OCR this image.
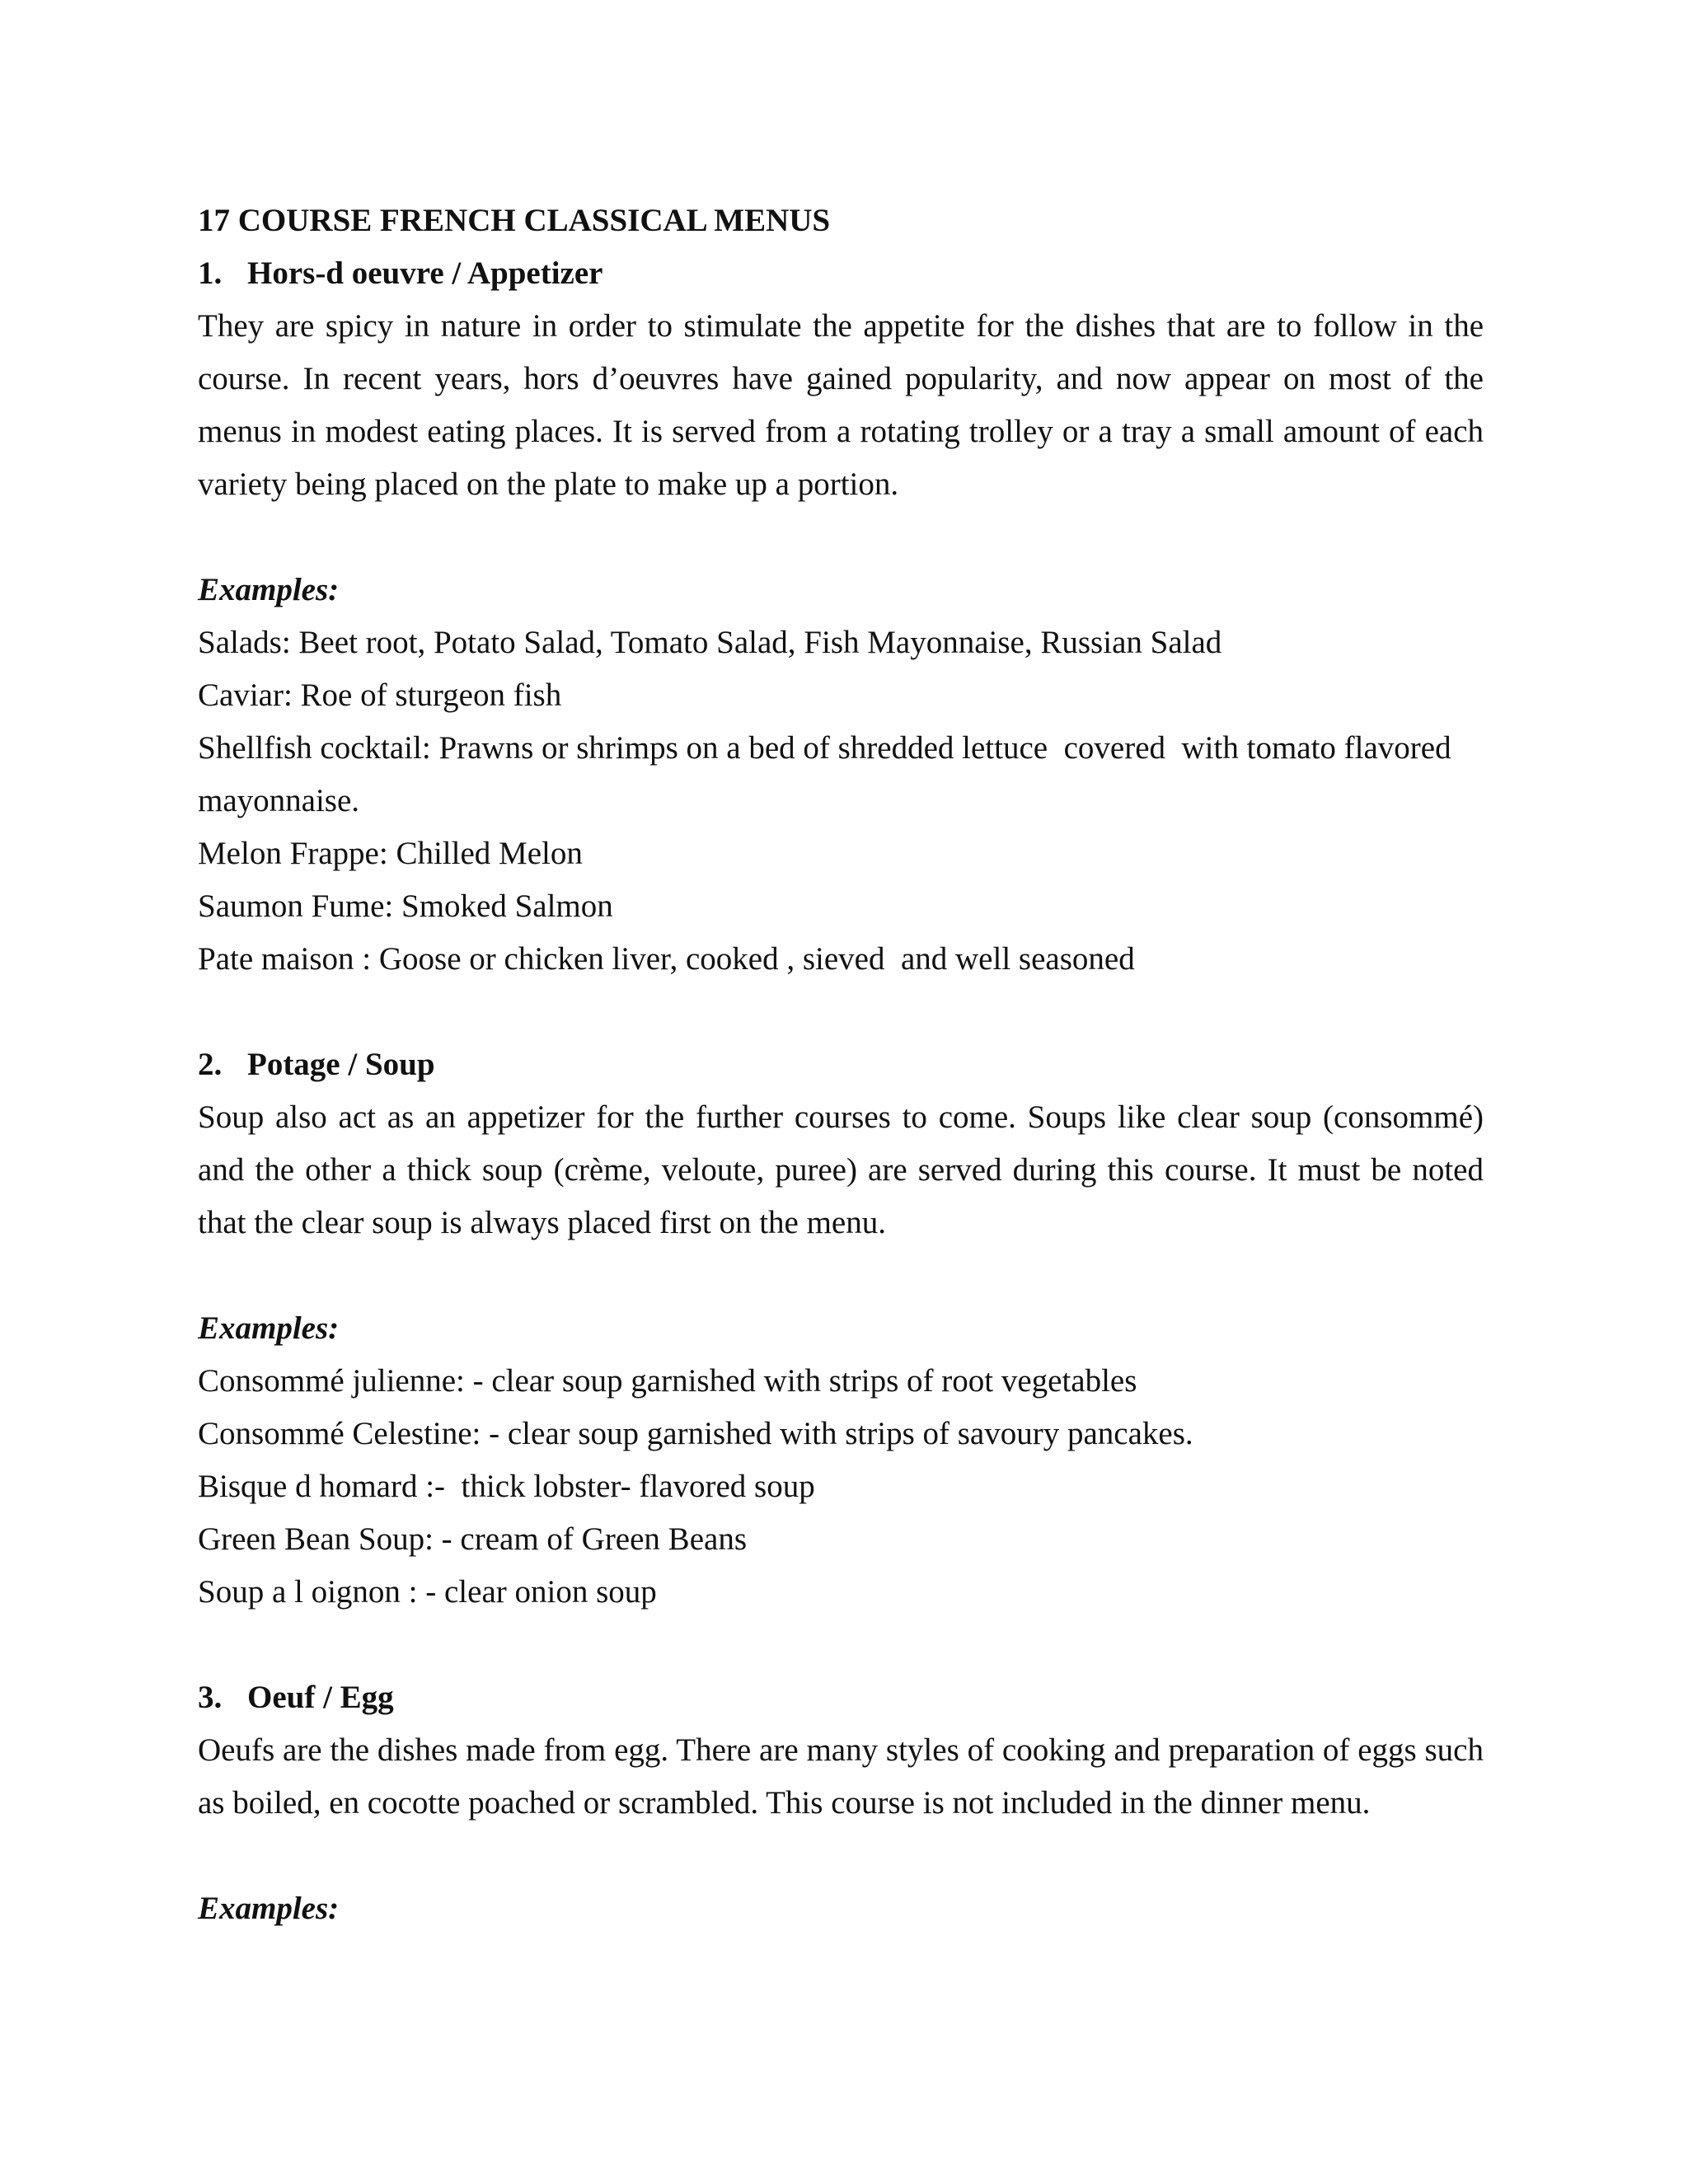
17 COURSE FRENCH CLASSICAL MENUS

1. Hors-d oeuvre / Appetizer

They are spicy in nature in order to stimulate the appetite for the dishes that are to follow in the course. In recent years, hors d’oeuvres have gained popularity, and now appear on most of the menus in modest eating places. It is served from a rotating trolley or a tray a small amount of each variety being placed on the plate to make up a portion.

Examples:

Salads: Beet root, Potato Salad, Tomato Salad, Fish Mayonnaise, Russian Salad

Caviar: Roe of sturgeon fish

Shellfish cocktail: Prawns or shrimps on a bed of shredded lettuce  covered  with tomato flavored mayonnaise.

Melon Frappe: Chilled Melon

Saumon Fume: Smoked Salmon

Pate maison : Goose or chicken liver, cooked , sieved  and well seasoned

2. Potage / Soup

Soup also act as an appetizer for the further courses to come. Soups like clear soup (consommé) and the other a thick soup (crème, veloute, puree) are served during this course. It must be noted that the clear soup is always placed first on the menu.

Examples:

Consommé julienne: - clear soup garnished with strips of root vegetables

Consommé Celestine: - clear soup garnished with strips of savoury pancakes.

Bisque d homard :-  thick lobster- flavored soup

Green Bean Soup: - cream of Green Beans

Soup a l oignon : - clear onion soup

3. Oeuf / Egg

Oeufs are the dishes made from egg. There are many styles of cooking and preparation of eggs such as boiled, en cocotte poached or scrambled. This course is not included in the dinner menu.

Examples:
